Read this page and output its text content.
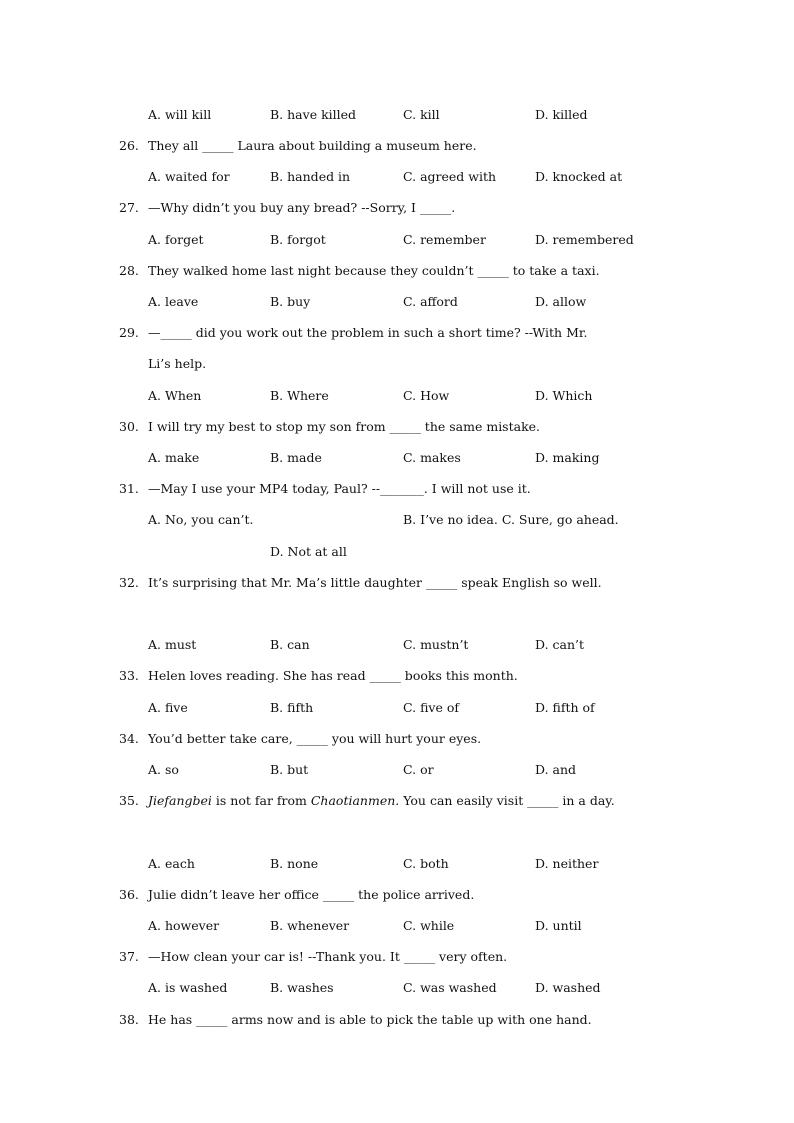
A. will kill	B. have killed	C. kill	D. killed
26. They all _____ Laura about building a museum here.
A. waited for	B. handed in	C. agreed with	D. knocked at
27. —Why didn’t you buy any bread? --Sorry, I _____.
A. forget	B. forgot	C. remember	D. remembered
28. They walked home last night because they couldn’t _____ to take a taxi.
A. leave	B. buy	C. afford	D. allow
29. —_____ did you work out the problem in such a short time? --With Mr.
Li’s help.
A. When	B. Where	C. How	D. Which
30. I will try my best to stop my son from _____ the same mistake.
A. make	B. made	C. makes	D. making
31. —May I use your MP4 today, Paul? --_______. I will not use it.
A. No, you can’t.	B. I’ve no idea. C. Sure, go ahead.
D. Not at all
32. It’s surprising that Mr. Ma’s little daughter _____ speak English so well.
A. must	B. can	C. mustn’t	D. can’t
33. Helen loves reading. She has read _____ books this month.
A. five	B. fifth	C. five of	D. fifth of
34. You’d better take care, _____ you will hurt your eyes.
A. so	B. but	C. or	D. and
35. Jiefangbei is not far from Chaotianmen. You can easily visit _____ in a day.
A. each	B. none	C. both	D. neither
36. Julie didn’t leave her office _____ the police arrived.
A. however	B. whenever	C. while	D. until
37. —How clean your car is! --Thank you. It _____ very often.
A. is washed	B. washes	C. was washed	D. washed
38. He has _____ arms now and is able to pick the table up with one hand.
